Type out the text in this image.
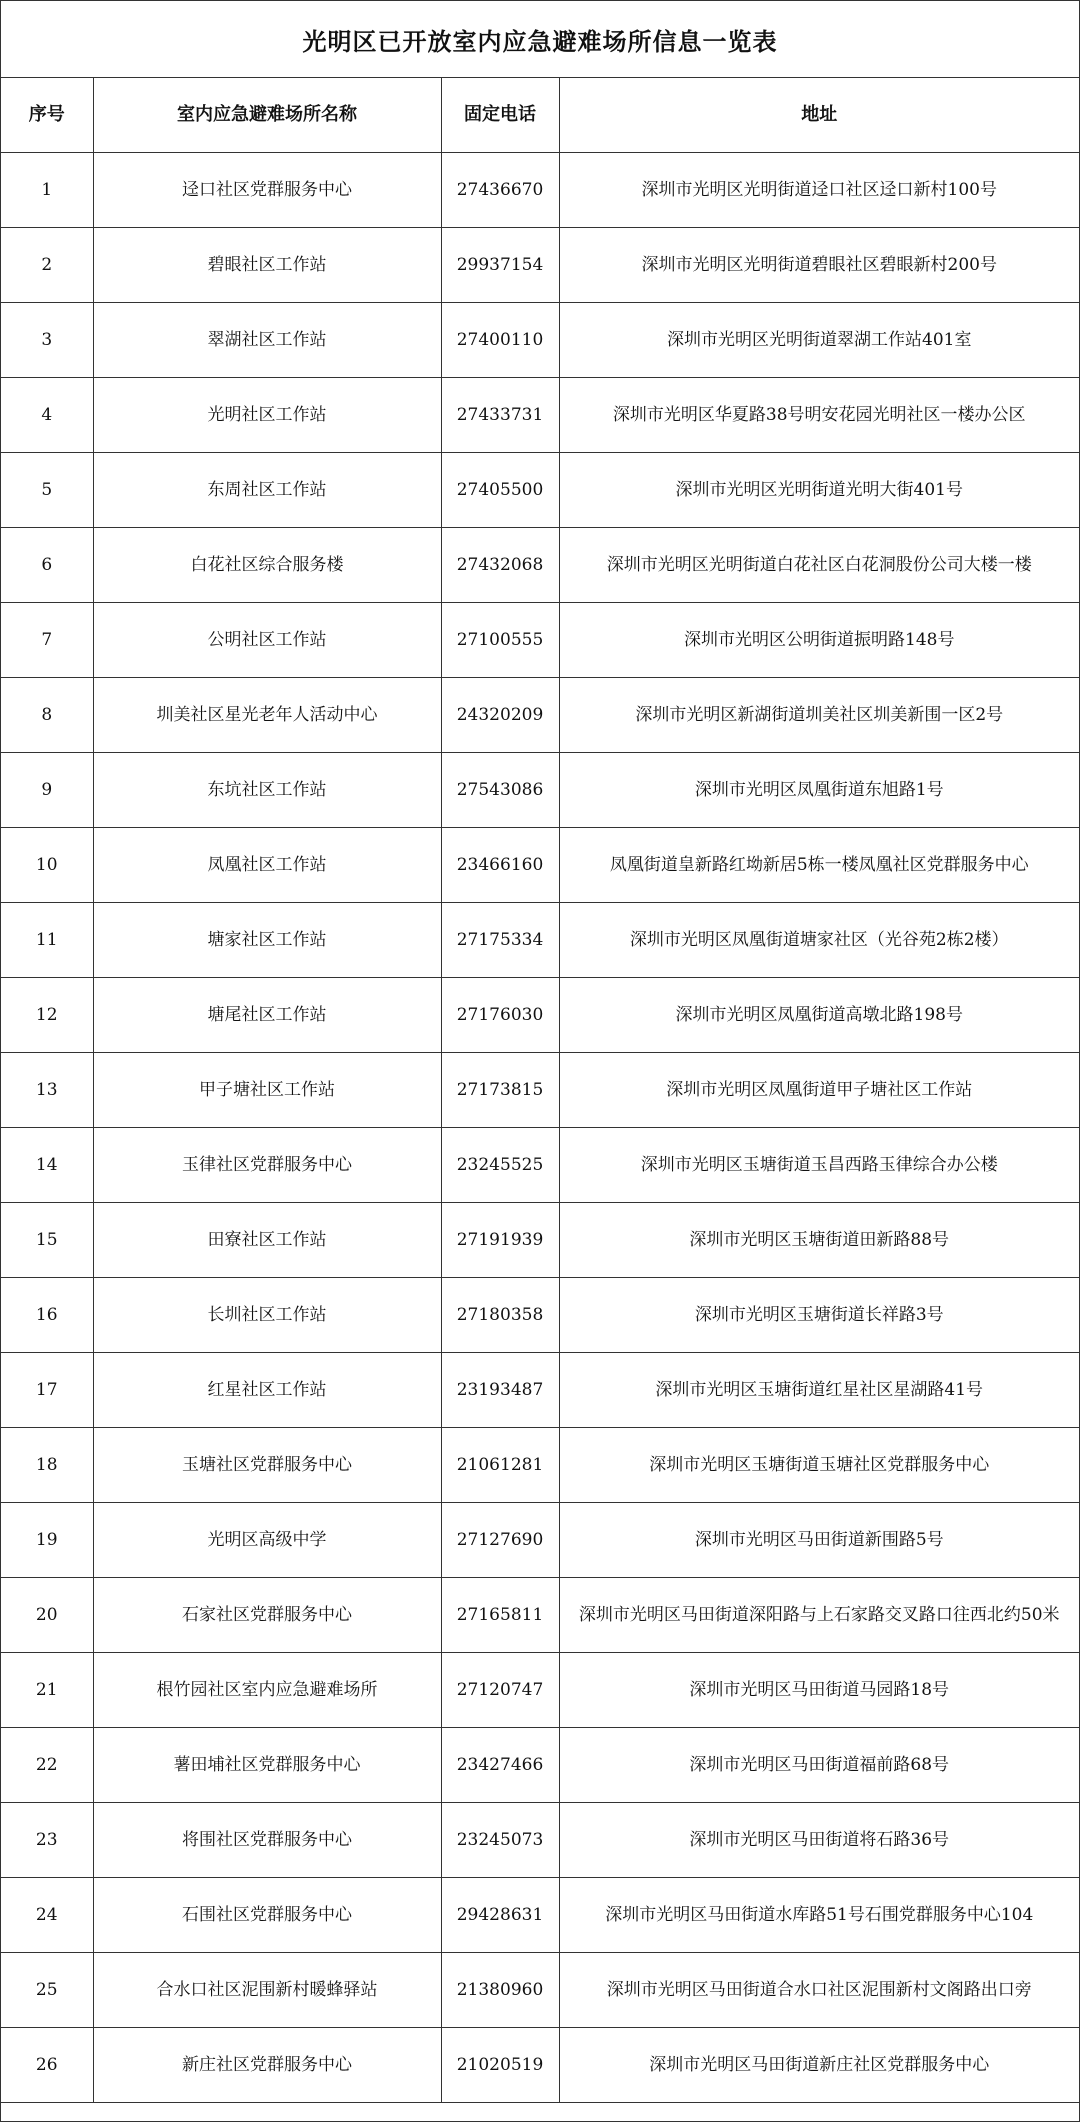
光明区已开放室内应急避难场所信息一览表
序号	室内应急避难场所名称	固定电话	地址
1	迳口社区党群服务中心	27436670	深圳市光明区光明街道迳口社区迳口新村100号
2	碧眼社区工作站	29937154	深圳市光明区光明街道碧眼社区碧眼新村200号
3	翠湖社区工作站	27400110	深圳市光明区光明街道翠湖工作站401室
4	光明社区工作站	27433731	深圳市光明区华夏路38号明安花园光明社区一楼办公区
5	东周社区工作站	27405500	深圳市光明区光明街道光明大街401号
6	白花社区综合服务楼	27432068	深圳市光明区光明街道白花社区白花洞股份公司大楼一楼
7	公明社区工作站	27100555	深圳市光明区公明街道振明路148号
8	圳美社区星光老年人活动中心	24320209	深圳市光明区新湖街道圳美社区圳美新围一区2号
9	东坑社区工作站	27543086	深圳市光明区凤凰街道东旭路1号
10	凤凰社区工作站	23466160	凤凰街道皇新路红坳新居5栋一楼凤凰社区党群服务中心
11	塘家社区工作站	27175334	深圳市光明区凤凰街道塘家社区（光谷苑2栋2楼）
12	塘尾社区工作站	27176030	深圳市光明区凤凰街道高墩北路198号
13	甲子塘社区工作站	27173815	深圳市光明区凤凰街道甲子塘社区工作站
14	玉律社区党群服务中心	23245525	深圳市光明区玉塘街道玉昌西路玉律综合办公楼
15	田寮社区工作站	27191939	深圳市光明区玉塘街道田新路88号
16	长圳社区工作站	27180358	深圳市光明区玉塘街道长祥路3号
17	红星社区工作站	23193487	深圳市光明区玉塘街道红星社区星湖路41号
18	玉塘社区党群服务中心	21061281	深圳市光明区玉塘街道玉塘社区党群服务中心
19	光明区高级中学	27127690	深圳市光明区马田街道新围路5号
20	石家社区党群服务中心	27165811	深圳市光明区马田街道深阳路与上石家路交叉路口往西北约50米
21	根竹园社区室内应急避难场所	27120747	深圳市光明区马田街道马园路18号
22	薯田埔社区党群服务中心	23427466	深圳市光明区马田街道福前路68号
23	将围社区党群服务中心	23245073	深圳市光明区马田街道将石路36号
24	石围社区党群服务中心	29428631	深圳市光明区马田街道水库路51号石围党群服务中心104
25	合水口社区泥围新村暖蜂驿站	21380960	深圳市光明区马田街道合水口社区泥围新村文阁路出口旁
26	新庄社区党群服务中心	21020519	深圳市光明区马田街道新庄社区党群服务中心
